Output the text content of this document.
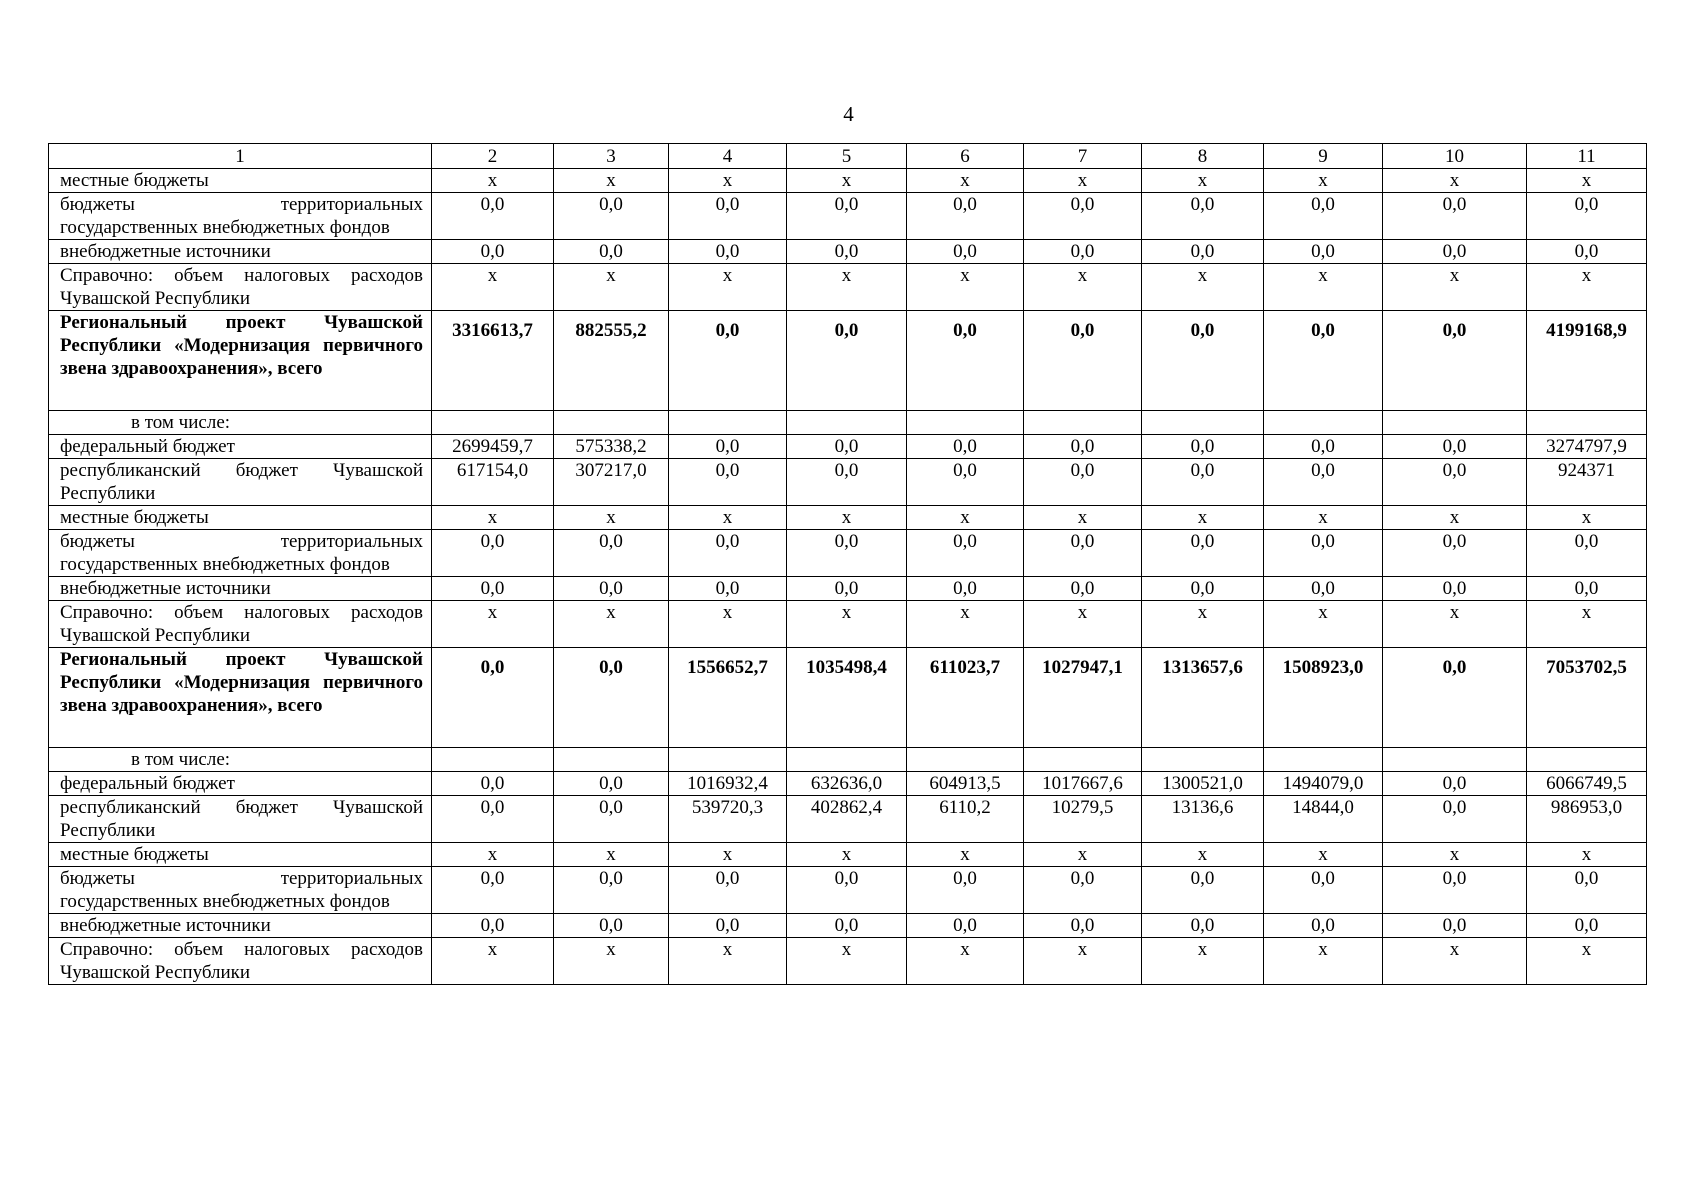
4
1	2	3	4	5	6	7	8	9	10	11
местные бюджеты	x	x	x	x	x	x	x	x	x	x
бюджеты территориальных государственных внебюджетных фондов	0,0	0,0	0,0	0,0	0,0	0,0	0,0	0,0	0,0	0,0
внебюджетные источники	0,0	0,0	0,0	0,0	0,0	0,0	0,0	0,0	0,0	0,0
Справочно: объем налоговых расходов Чувашской Республики	x	x	x	x	x	x	x	x	x	x
Региональный проект Чувашской Республики «Модернизация первичного звена здравоохранения», всего	3316613,7	882555,2	0,0	0,0	0,0	0,0	0,0	0,0	0,0	4199168,9
в том числе:										
федеральный бюджет	2699459,7	575338,2	0,0	0,0	0,0	0,0	0,0	0,0	0,0	3274797,9
республиканский бюджет Чувашской Республики	617154,0	307217,0	0,0	0,0	0,0	0,0	0,0	0,0	0,0	924371
местные бюджеты	x	x	x	x	x	x	x	x	x	x
бюджеты территориальных государственных внебюджетных фондов	0,0	0,0	0,0	0,0	0,0	0,0	0,0	0,0	0,0	0,0
внебюджетные источники	0,0	0,0	0,0	0,0	0,0	0,0	0,0	0,0	0,0	0,0
Справочно: объем налоговых расходов Чувашской Республики	x	x	x	x	x	x	x	x	x	x
Региональный проект Чувашской Республики «Модернизация первичного звена здравоохранения», всего	0,0	0,0	1556652,7	1035498,4	611023,7	1027947,1	1313657,6	1508923,0	0,0	7053702,5
в том числе:										
федеральный бюджет	0,0	0,0	1016932,4	632636,0	604913,5	1017667,6	1300521,0	1494079,0	0,0	6066749,5
республиканский бюджет Чувашской Республики	0,0	0,0	539720,3	402862,4	6110,2	10279,5	13136,6	14844,0	0,0	986953,0
местные бюджеты	x	x	x	x	x	x	x	x	x	x
бюджеты территориальных государственных внебюджетных фондов	0,0	0,0	0,0	0,0	0,0	0,0	0,0	0,0	0,0	0,0
внебюджетные источники	0,0	0,0	0,0	0,0	0,0	0,0	0,0	0,0	0,0	0,0
Справочно: объем налоговых расходов Чувашской Республики	x	x	x	x	x	x	x	x	x	x
